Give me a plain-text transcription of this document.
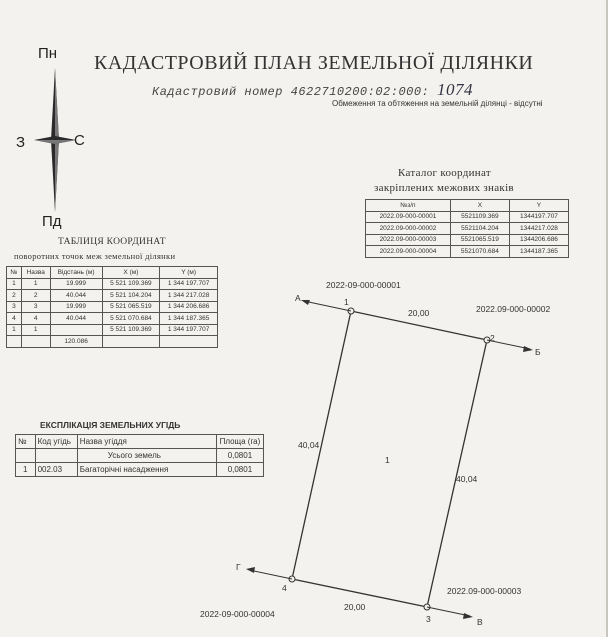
КАДАСТРОВИЙ ПЛАН ЗЕМЕЛЬНОЇ ДІЛЯНКИ
Кадастровий номер 4622710200:02:000: 1074
Обмеження та обтяження на земельній ділянці - відсутні
Пн
Пд
З	С
ТАБЛИЦЯ КООРДИНАТ
поворотних точок меж земельної ділянки
№	Назва	Відстань (м)	X (м)	Y (м)
1	1	19.999	5 521 109.369	1 344 197.707
2	2	40.044	5 521 104.204	1 344 217.028
3	3	19.999	5 521 065.519	1 344 206.686
4	4	40.044	5 521 070.684	1 344 187.365
1	1		5 521 109.369	1 344 197.707
		120.086		
Каталог координат
закріплених межових знаків
№з/п	X	Y
2022.09-000-00001	5521109.369	1344197.707
2022.09-000-00002	5521104.204	1344217.028
2022.09-000-00003	5521065.519	1344206.686
2022.09-000-00004	5521070.684	1344187.365
ЕКСПЛІКАЦІЯ ЗЕМЕЛЬНИХ УГІДЬ
№	Код угідь	Назва угіддя	Площа (га)
		Усього земель	0,0801
1	002.03	Багаторічні насадження	0,0801
2022-09-000-00001
2022.09-000-00002
2022.09-000-00003
2022-09-000-00004
20,00
20,00
40,04
40,04
1
1
2
3
4
А
Б
В
Г
